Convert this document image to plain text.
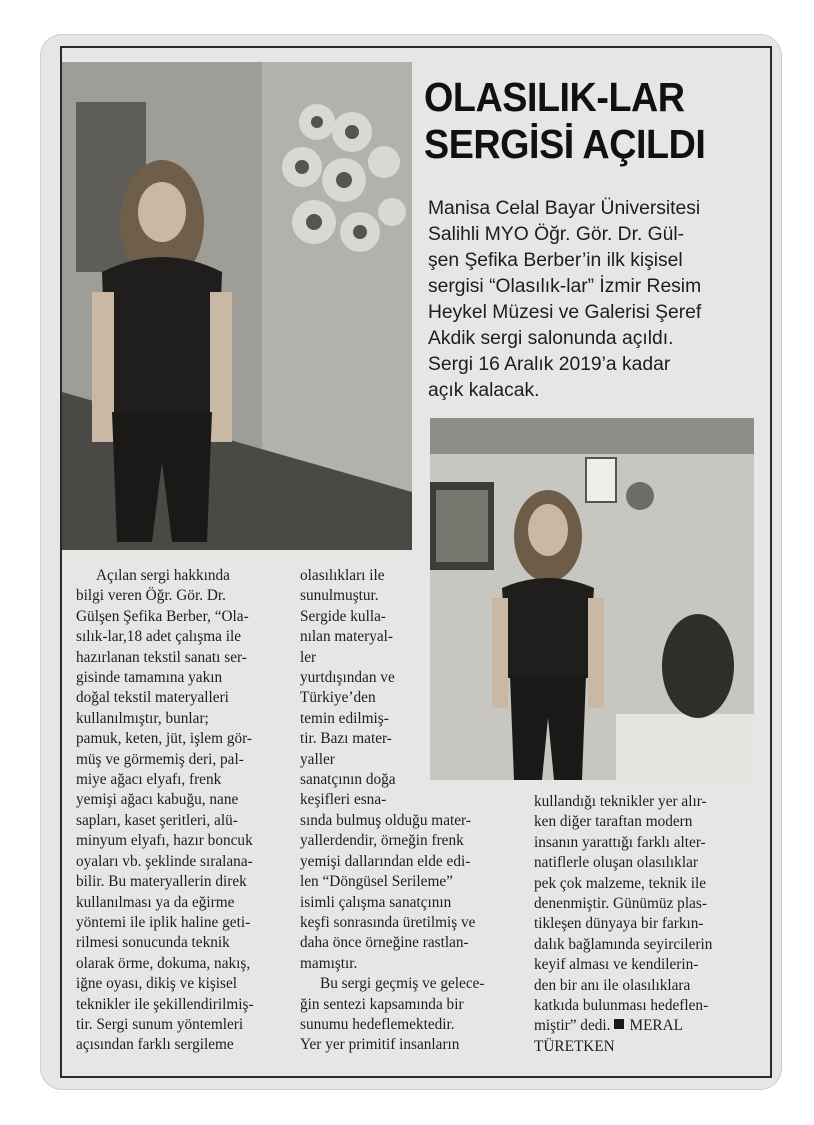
OLASILIK-LAR
SERGİSİ AÇILDI
Manisa Celal Bayar Üniversitesi
Salihli MYO Öğr. Gör. Dr. Gül-
şen Şefika Berber’in ilk kişisel
sergisi “Olasılık-lar” İzmir Resim
Heykel Müzesi ve Galerisi Şeref
Akdik sergi salonunda açıldı.
Sergi 16 Aralık 2019’a kadar
açık kalacak.
Açılan sergi hakkında
bilgi veren Öğr. Gör. Dr.
Gülşen Şefika Berber, “Ola-
sılık-lar,18 adet çalışma ile
hazırlanan tekstil sanatı ser-
gisinde tamamına yakın
doğal tekstil materyalleri
kullanılmıştır, bunlar;
pamuk, keten, jüt, işlem gör-
müş ve görmemiş deri, pal-
miye ağacı elyafı, frenk
yemişi ağacı kabuğu, nane
sapları, kaset şeritleri, alü-
minyum elyafı, hazır boncuk
oyaları vb. şeklinde sıralana-
bilir. Bu materyallerin direk
kullanılması ya da eğirme
yöntemi ile iplik haline geti-
rilmesi sonucunda teknik
olarak örme, dokuma, nakış,
iğne oyası, dikiş ve kişisel
teknikler ile şekillendirilmiş-
tir. Sergi sunum yöntemleri
açısından farklı sergileme
olasılıkları ile
sunulmuştur.
Sergide kulla-
nılan materyal-
ler
yurtdışından ve
Türkiye’den
temin edilmiş-
tir. Bazı mater-
yaller
sanatçının doğa
keşifleri esna-
sında bulmuş olduğu mater-
yallerdendir, örneğin frenk
yemişi dallarından elde edi-
len “Döngüsel Serileme”
isimli çalışma sanatçının
keşfi sonrasında üretilmiş ve
daha önce örneğine rastlan-
mamıştır.
Bu sergi geçmiş ve gelece-
ğin sentezi kapsamında bir
sunumu hedeflemektedir.
Yer yer primitif insanların
kullandığı teknikler yer alır-
ken diğer taraftan modern
insanın yarattığı farklı alter-
natiflerle oluşan olasılıklar
pek çok malzeme, teknik ile
denenmiştir. Günümüz plas-
tikleşen dünyaya bir farkın-
dalık bağlamında seyircilerin
keyif alması ve kendilerin-
den bir anı ile olasılıklara
katkıda bulunması hedeflen-
miştir” dedi. MERAL
TÜRETKEN
